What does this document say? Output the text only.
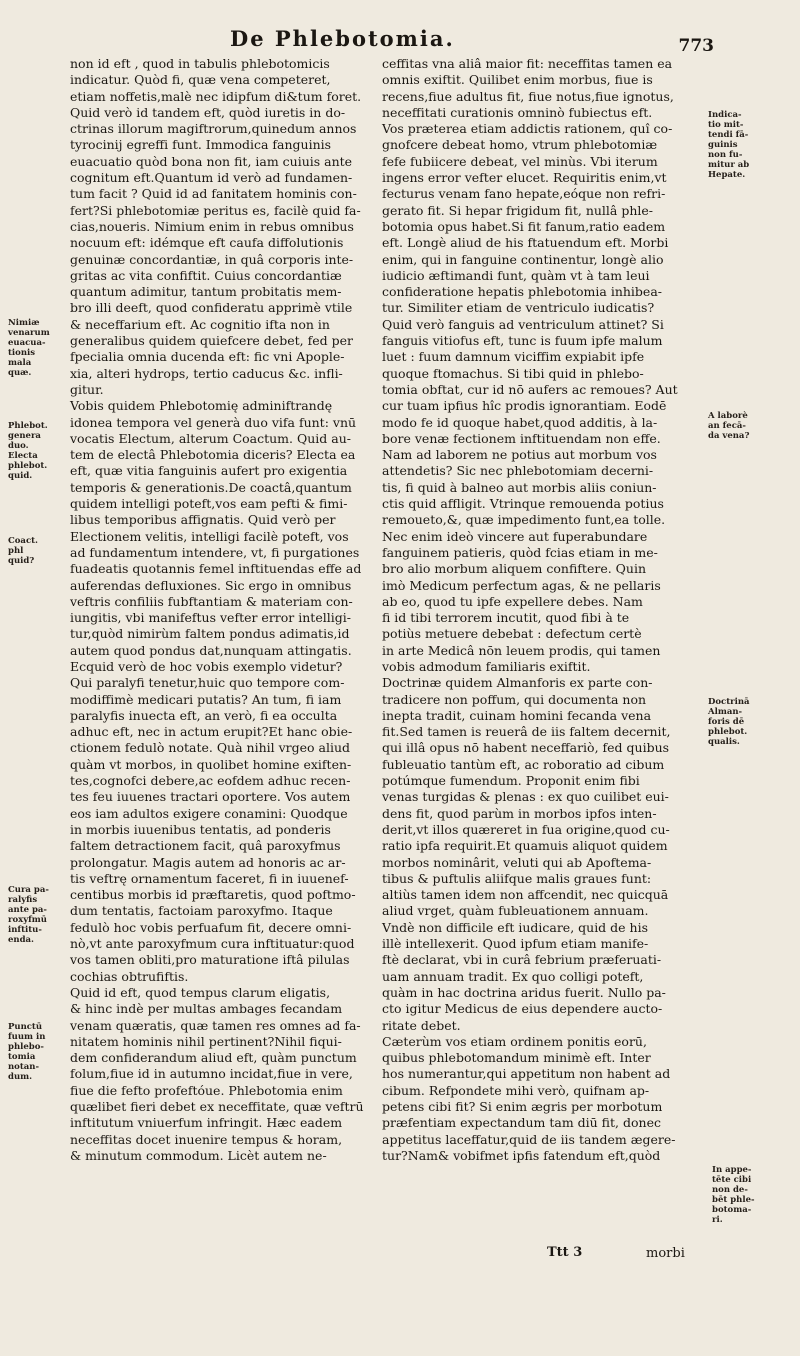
De Phlebotomia.	773

non id eft , quod in tabulis phlebotomicis

indicatur. Quòd fi, quæ vena competeret,

etiam noffetis,malè nec idipfum di&tum foret.

Quid verò id tandem eft, quòd iuretis in do-

ctrinas illorum magiftrorum,quinedum annos

tyrocinij egreffi funt. Immodica fanguinis

euacuatio quòd bona non fit, iam cuiuis ante

cognitum eft.Quantum id verò ad fundamen-

tum facit ? Quid id ad fanitatem hominis con-

fert?Si phlebotomiæ peritus es, facilè quid fa-

cias,noueris. Nimium enim in rebus omnibus

nocuum eft: idémque eft caufa diffolutionis

genuinæ concordantiæ, in quâ corporis inte-

gritas ac vita confiftit. Cuius concordantiæ

quantum adimitur, tantum probitatis mem-

bro illi deeft, quod confideratu apprimè vtile

& neceffarium eft. Ac cognitio ifta non in

generalibus quidem quiefcere debet, fed per

fpecialia omnia ducenda eft: fic vni Apople-

xia, alteri hydrops, tertio caducus &c. infli-

gitur.

Vobis quidem Phlebotomię adminiftrandę

idonea tempora vel generà duo vifa funt: vnū

vocatis Electum, alterum Coactum. Quid au-

tem de electâ Phlebotomia diceris? Electa ea

eft, quæ vitia fanguinis aufert pro exigentia

temporis & generationis.De coactâ,quantum

quidem intelligi poteft,vos eam pefti & fimi-

libus temporibus affignatis. Quid verò per

Electionem velitis, intelligi facilè poteft, vos

ad fundamentum intendere, vt, fi purgationes

fuadeatis quotannis femel inftituendas effe ad

auferendas defluxiones. Sic ergo in omnibus

veftris confiliis fubftantiam & materiam con-

iungitis, vbi manifeftus vefter error intelligi-

tur,quòd nimirùm faltem pondus adimatis,id

autem quod pondus dat,nunquam attingatis.

Ecquid verò de hoc vobis exemplo videtur?

Qui paralyfi tenetur,huic quo tempore com-

modiffimè medicari putatis? An tum, fi iam

paralyfis inuecta eft, an verò, fi ea occulta

adhuc eft, nec in actum erupit?Et hanc obie-

ctionem fedulò notate. Quà nihil vrgeo aliud

quàm vt morbos, in quolibet homine exiften-

tes,cognofci debere,ac eofdem adhuc recen-

tes feu iuuenes tractari oportere. Vos autem

eos iam adultos exigere conamini: Quodque

in morbis iuuenibus tentatis, ad ponderis

faltem detractionem facit, quâ paroxyfmus

prolongatur. Magis autem ad honoris ac ar-

tis veftrę ornamentum faceret, fi in iuuenef-

centibus morbis id præftaretis, quod poftmo-

dum tentatis, factoiam paroxyfmo. Itaque

fedulò hoc vobis perfuafum fit, decere omni-

nò,vt ante paroxyfmum cura inftituatur:quod

vos tamen obliti,pro maturatione iftâ pilulas

cochias obtrufiftis.

Quid id eft, quod tempus clarum eligatis,

& hinc indè per multas ambages fecandam

venam quæratis, quæ tamen res omnes ad fa-

nitatem hominis nihil pertinent?Nihil fiqui-

dem confiderandum aliud eft, quàm punctum

folum,fiue id in autumno incidat,fiue in vere,

fiue die fefto profeftóue. Phlebotomia enim

quælibet fieri debet ex neceffitate, quæ veftrū

inftitutum vniuerfum infringit. Hæc eadem

neceffitas docet inuenire tempus & horam,

& minutum commodum. Licèt autem ne-

ceffitas vna aliâ maior fit: neceffitas tamen ea

omnis exiftit. Quilibet enim morbus, fiue is

recens,fiue adultus fit, fiue notus,fiue ignotus,

neceffitati curationis omninò fubiectus eft.

Vos præterea etiam addictis rationem, quî co-

gnofcere debeat homo, vtrum phlebotomiæ

fefe fubiicere debeat, vel minùs. Vbi iterum

ingens error vefter elucet. Requiritis enim,vt

fecturus venam fano hepate,eóque non refri-

gerato fit. Si hepar frigidum fit, nullâ phle-

botomia opus habet.Si fit fanum,ratio eadem

eft. Longè aliud de his ftatuendum eft. Morbi

enim, qui in fanguine continentur, longè alio

iudicio æftimandi funt, quàm vt à tam leui

confideratione hepatis phlebotomia inhibea-

tur. Similiter etiam de ventriculo iudicatis?

Quid verò fanguis ad ventriculum attinet? Si

fanguis vitiofus eft, tunc is fuum ipfe malum

luet : fuum damnum viciffim expiabit ipfe

quoque ftomachus. Si tibi quid in phlebo-

tomia obftat, cur id nō aufers ac remoues? Aut

cur tuam ipfius hîc prodis ignorantiam. Eodē

modo fe id quoque habet,quod additis, à la-

bore venæ fectionem inftituendam non effe.

Nam ad laborem ne potius aut morbum vos

attendetis? Sic nec phlebotomiam decerni-

tis, fi quid à balneo aut morbis aliis coniun-

ctis quid affligit. Vtrinque remouenda potius

remoueto,&, quæ impedimento funt,ea tolle.

Nec enim ideò vincere aut fuperabundare

fanguinem patieris, quòd fcias etiam in me-

bro alio morbum aliquem confiftere. Quin

imò Medicum perfectum agas, & ne pellaris

ab eo, quod tu ipfe expellere debes. Nam

fi id tibi terrorem incutit, quod fibi à te

potiùs metuere debebat : defectum certè

in arte Medicâ nōn leuem prodis, qui tamen

vobis admodum familiaris exiftit.

Doctrinæ quidem Almanforis ex parte con-

tradicere non poffum, qui documenta non

inepta tradit, cuinam homini fecanda vena

fit.Sed tamen is reuerâ de iis faltem decernit,

qui illâ opus nō habent neceffariò, fed quibus

fubleuatio tantùm eft, ac roboratio ad cibum

potúmque fumendum. Proponit enim fibi

venas turgidas & plenas : ex quo cuilibet eui-

dens fit, quod parùm in morbos ipfos inten-

derit,vt illos quæreret in fua origine,quod cu-

ratio ipfa requirit.Et quamuis aliquot quidem

morbos nominârit, veluti qui ab Apoftema-

tibus & puftulis aliifque malis graues funt:

altiùs tamen idem non affcendit, nec quicquā

aliud vrget, quàm fubleuationem annuam.

Vndè non difficile eft iudicare, quid de his

illè intellexerit. Quod ipfum etiam manife-

ftè declarat, vbi in curâ febrium præferuati-

uam annuam tradit. Ex quo colligi poteft,

quàm in hac doctrina aridus fuerit. Nullo pa-

cto igitur Medicus de eius dependere aucto-

ritate debet.

Cæterùm vos etiam ordinem ponitis eorū,

quibus phlebotomandum minimè eft. Inter

hos numerantur,qui appetitum non habent ad

cibum. Refpondete mihi verò, quifnam ap-

petens cibi fit? Si enim ægris per morbotum

præfentiam expectandum tam diū fit, donec

appetitus laceffatur,quid de iis tandem ægere-

tur?Nam& vobifmet ipfis fatendum eft,quòd

Nimiæ
venarum
euacua-
tionis
mala
quæ.
Phlebot.
genera
duo.
Electa
phlebot.
quid.
Coact.
phl
quid?
Cura pa-
ralyfis
ante pa-
roxyfmū
inftitu-
enda.
Punctū
fuum in
phlebo-
tomia
notan-
dum.
Indica-
tio mit-
tendi fā-
guinis
non fu-
mitur ab
Hepate.
A laborè
an fecā-
da vena?
Doctrinā
Alman-
foris dē
phlebot.
qualis.
In appe-
tēte cibi
non de-
bēt phle-
botoma-
ri.
Ttt 3	morbi
